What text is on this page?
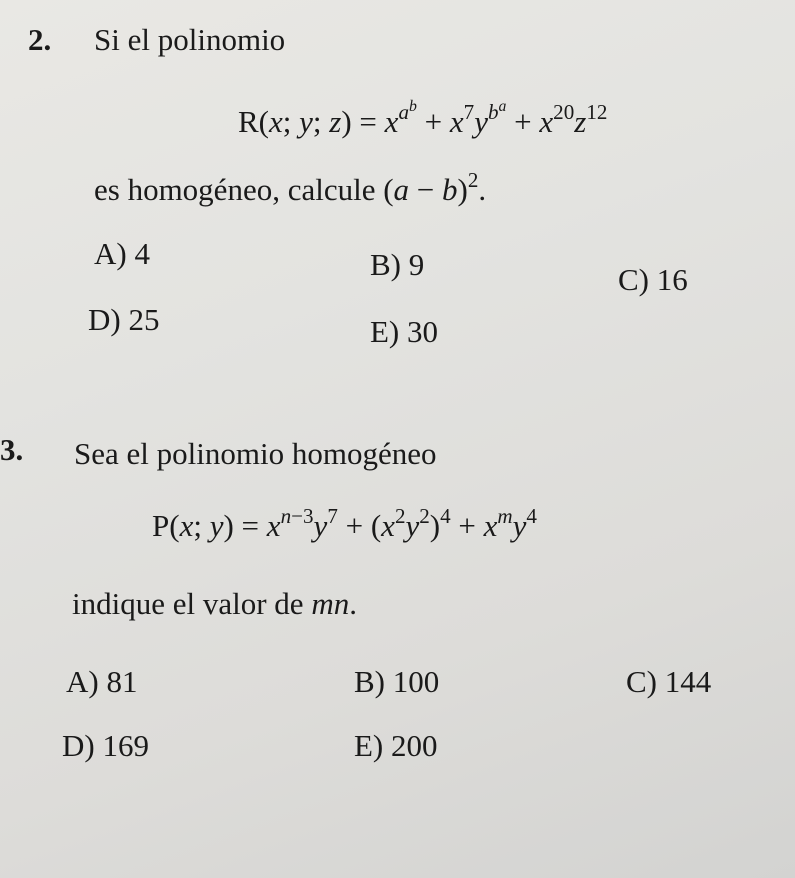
2. Si el polinomio
R(x; y; $z) = x^{a^b} + x^7y^{b^a} + x^{20}z^{12}$
es homogéneo, calcule $(a - b)^2$.
A) 4	B) 9	C) 16
D) 25	E) 30
3. Sea el polinomio homogéneo
P(x; $y) = x^{n-3}y^7 + (x^2y^2)^4 + x^my^4$
indique el valor de mn.
A) 81	B) 100	C) 144
D) 169	E) 200
